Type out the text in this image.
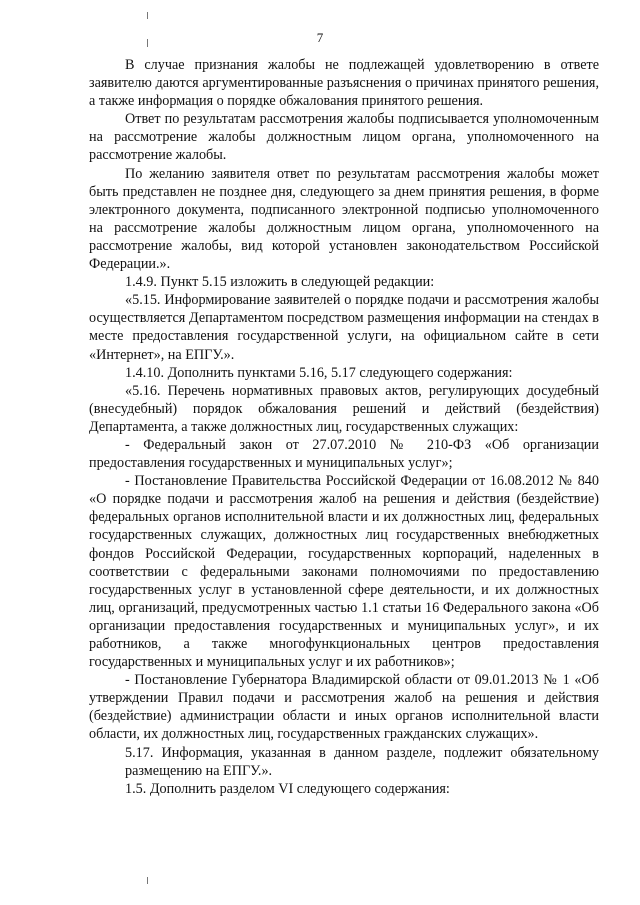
7

В случае признания жалобы не подлежащей удовлетворению в ответе заявителю даются аргументированные разъяснения о причинах принятого решения, а также информация о порядке обжалования принятого решения.

Ответ по результатам рассмотрения жалобы подписывается уполномоченным на рассмотрение жалобы должностным лицом органа, уполномоченного на рассмотрение жалобы.

По желанию заявителя ответ по результатам рассмотрения жалобы может быть представлен не позднее дня, следующего за днем принятия решения, в форме электронного документа, подписанного электронной подписью уполномоченного на рассмотрение жалобы должностным лицом органа, уполномоченного на рассмотрение жалобы, вид которой установлен законодательством Российской Федерации.».

1.4.9. Пункт 5.15 изложить в следующей редакции:

«5.15. Информирование заявителей о порядке подачи и рассмотрения жалобы осуществляется Департаментом посредством размещения информации на стендах в месте предоставления государственной услуги, на официальном сайте в сети «Интернет», на ЕПГУ.».

1.4.10. Дополнить пунктами 5.16, 5.17 следующего содержания:

«5.16. Перечень нормативных правовых актов, регулирующих досудебный (внесудебный) порядок обжалования решений и действий (бездействия) Департамента, а также должностных лиц, государственных служащих:

- Федеральный закон от 27.07.2010 № 210-ФЗ «Об организации предоставления государственных и муниципальных услуг»;

- Постановление Правительства Российской Федерации от 16.08.2012 № 840 «О порядке подачи и рассмотрения жалоб на решения и действия (бездействие) федеральных органов исполнительной власти и их должностных лиц, федеральных государственных служащих, должностных лиц государственных внебюджетных фондов Российской Федерации, государственных корпораций, наделенных в соответствии с федеральными законами полномочиями по предоставлению государственных услуг в установленной сфере деятельности, и их должностных лиц, организаций, предусмотренных частью 1.1 статьи 16 Федерального закона «Об организации предоставления государственных и муниципальных услуг», и их работников, а также многофункциональных центров предоставления государственных и муниципальных услуг и их работников»;

- Постановление Губернатора Владимирской области от 09.01.2013 № 1 «Об утверждении Правил подачи и рассмотрения жалоб на решения и действия (бездействие) администрации области и иных органов исполнительной власти области, их должностных лиц, государственных гражданских служащих».

5.17. Информация, указанная в данном разделе, подлежит обязательному размещению на ЕПГУ.».

1.5. Дополнить разделом VI следующего содержания:
